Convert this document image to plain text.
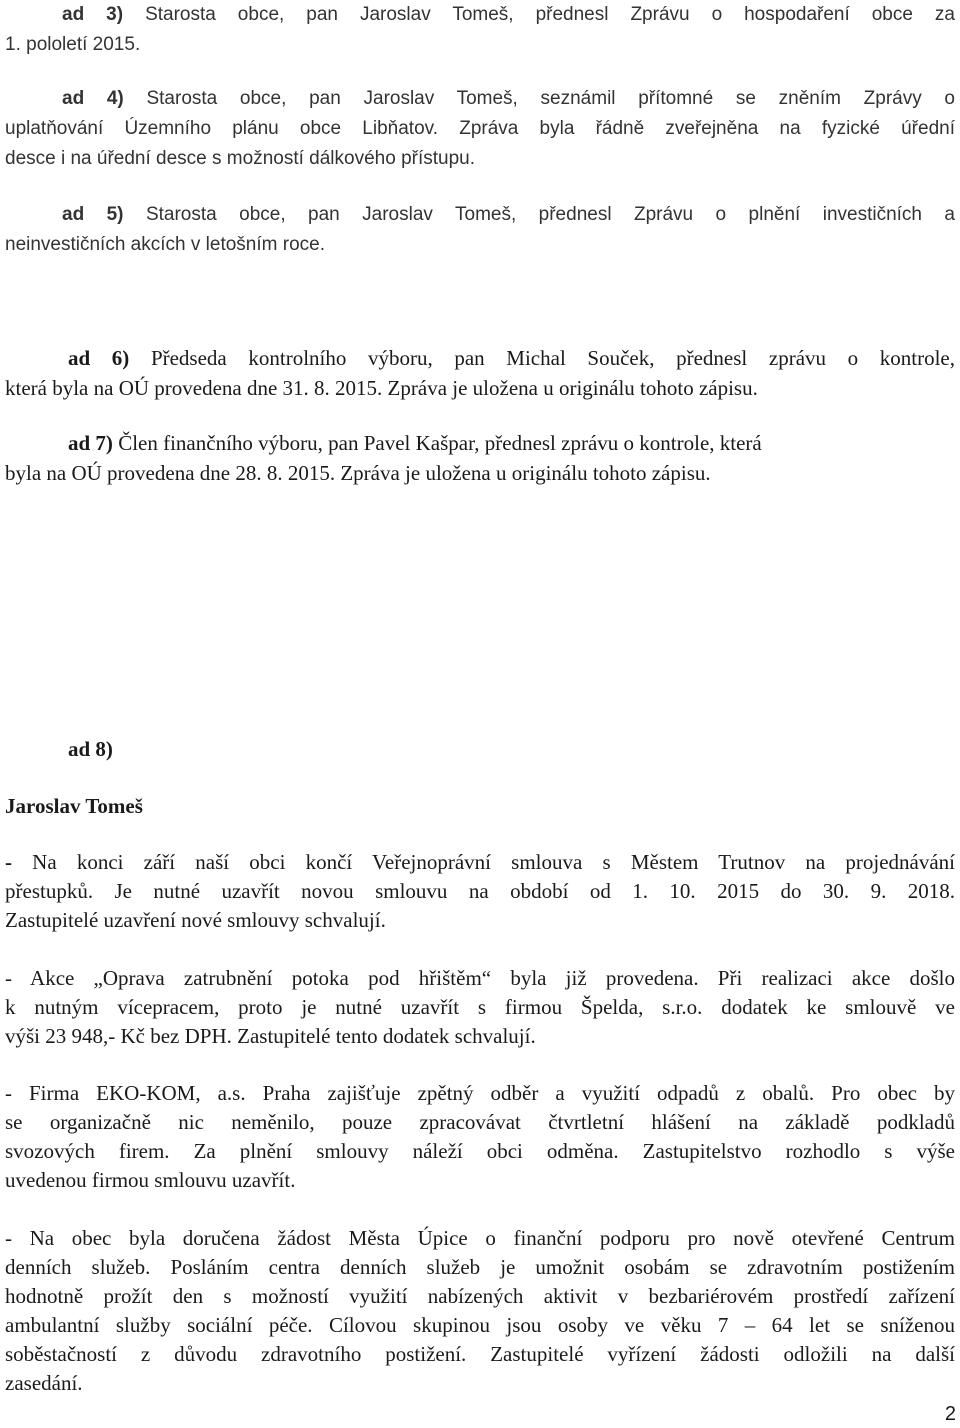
   ad 3) Starosta obce, pan Jaroslav Tomeš, přednesl Zprávu o hospodaření obce za
1. pololetí 2015.
   ad 4) Starosta obce, pan Jaroslav Tomeš, seznámil přítomné se zněním Zprávy o
uplatňování Územního plánu obce Libňatov. Zpráva byla řádně zveřejněna na fyzické úřední
desce i na úřední desce s možností dálkového přístupu.
   ad 5) Starosta obce, pan Jaroslav Tomeš, přednesl Zprávu o plnění investičních a
neinvestičních akcích v letošním roce.
   ad 6) Předseda kontrolního výboru, pan Michal Souček, přednesl zprávu o kontrole,
která byla na OÚ provedena dne 31. 8. 2015. Zpráva je uložena u originálu tohoto zápisu.
   ad 7) Člen finančního výboru, pan Pavel Kašpar, přednesl zprávu o kontrole, která
byla na OÚ provedena dne 28. 8. 2015. Zpráva je uložena u originálu tohoto zápisu.
   ad 8)
Jaroslav Tomeš
- Na konci září naší obci končí Veřejnoprávní smlouva s Městem Trutnov na projednávání
přestupků. Je nutné uzavřít novou smlouvu na období od 1. 10. 2015 do 30. 9. 2018.
Zastupitelé uzavření nové smlouvy schvalují.
- Akce „Oprava zatrubnění potoka pod hřištěm“ byla již provedena. Při realizaci akce došlo
k nutným vícepracem, proto je nutné uzavřít s firmou Špelda, s.r.o. dodatek ke smlouvě ve
výši 23 948,- Kč bez DPH. Zastupitelé tento dodatek schvalují.
- Firma EKO-KOM, a.s. Praha zajišťuje zpětný odběr a využití odpadů z obalů. Pro obec by
se organizačně nic neměnilo, pouze zpracovávat čtvrtletní hlášení na základě podkladů
svozových firem. Za plnění smlouvy náleží obci odměna. Zastupitelstvo rozhodlo s výše
uvedenou firmou smlouvu uzavřít.
- Na obec byla doručena žádost Města Úpice o finanční podporu pro nově otevřené Centrum
denních služeb. Posláním centra denních služeb je umožnit osobám se zdravotním postižením
hodnotně prožít den s možností využití nabízených aktivit v bezbariérovém prostředí zařízení
ambulantní služby sociální péče. Cílovou skupinou jsou osoby ve věku 7 – 64 let se sníženou
soběstačností z důvodu zdravotního postižení. Zastupitelé vyřízení žádosti odložili na další
zasedání.
2
